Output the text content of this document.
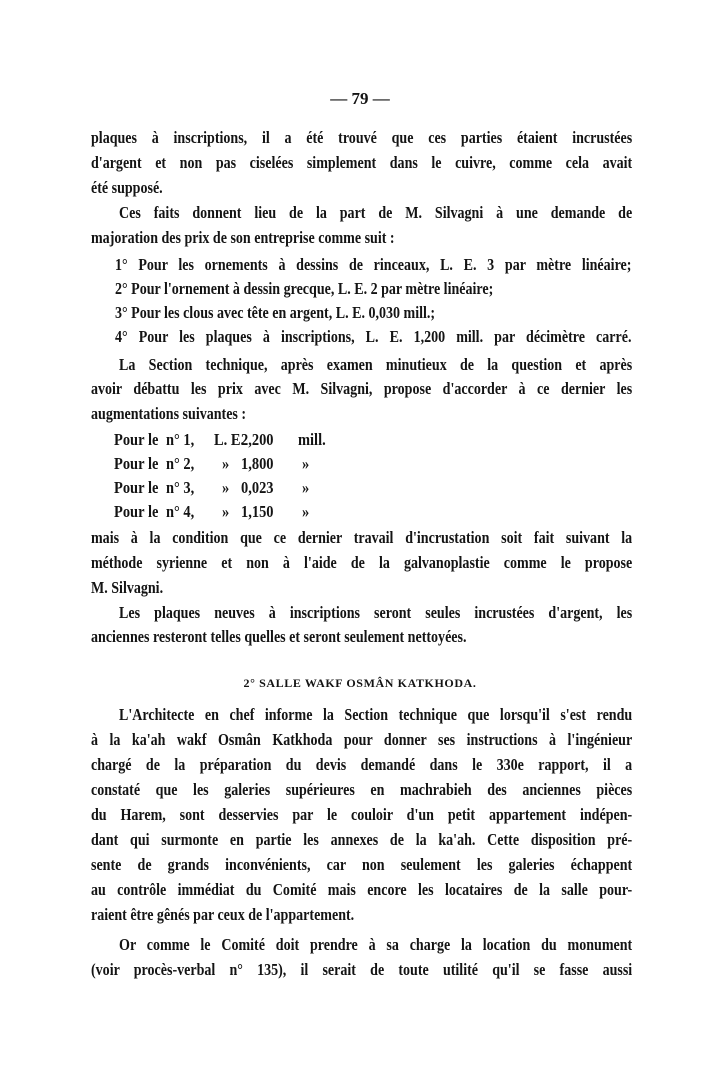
— 79 —
plaques à inscriptions, il a été trouvé que ces parties étaient incrustées
d'argent et non pas ciselées simplement dans le cuivre, comme cela avait
été supposé.
Ces faits donnent lieu de la part de M. Silvagni à une demande de
majoration des prix de son entreprise comme suit :
1° Pour les ornements à dessins de rinceaux, L. E. 3 par mètre linéaire;
2° Pour l'ornement à dessin grecque, L. E. 2 par mètre linéaire;
3° Pour les clous avec tête en argent, L. E. 0,030 mill.;
4° Pour les plaques à inscriptions, L. E. 1,200 mill. par décimètre carré.
La Section technique, après examen minutieux de la question et après
avoir débattu les prix avec M. Silvagni, propose d'accorder à ce dernier les
augmentations suivantes :
Pour le n° 1, L. E.
2,200 mill.
Pour le n° 2, » 1,800 »
Pour le n° 3, » 0,023 »
Pour le n° 4, » 1,150 »
mais à la condition que ce dernier travail d'incrustation soit fait suivant la
méthode syrienne et non à l'aide de la galvanoplastie comme le propose
M. Silvagni.
Les plaques neuves à inscriptions seront seules incrustées d'argent, les
anciennes resteront telles quelles et seront seulement nettoyées.
2° SALLE WAKF OSMÂN KATKHODA.
L'Architecte en chef informe la Section technique que lorsqu'il s'est rendu
à la ka'ah wakf Osmân Katkhoda pour donner ses instructions à l'ingénieur
chargé de la préparation du devis demandé dans le 330e rapport, il a
constaté que les galeries supérieures en machrabieh des anciennes pièces
du Harem, sont desservies par le couloir d'un petit appartement indépen-
dant qui surmonte en partie les annexes de la ka'ah. Cette disposition pré-
sente de grands inconvénients, car non seulement les galeries échappent
au contrôle immédiat du Comité mais encore les locataires de la salle pour-
raient être gênés par ceux de l'appartement.
Or comme le Comité doit prendre à sa charge la location du monument
(voir procès-verbal n° 135), il serait de toute utilité qu'il se fasse aussi
